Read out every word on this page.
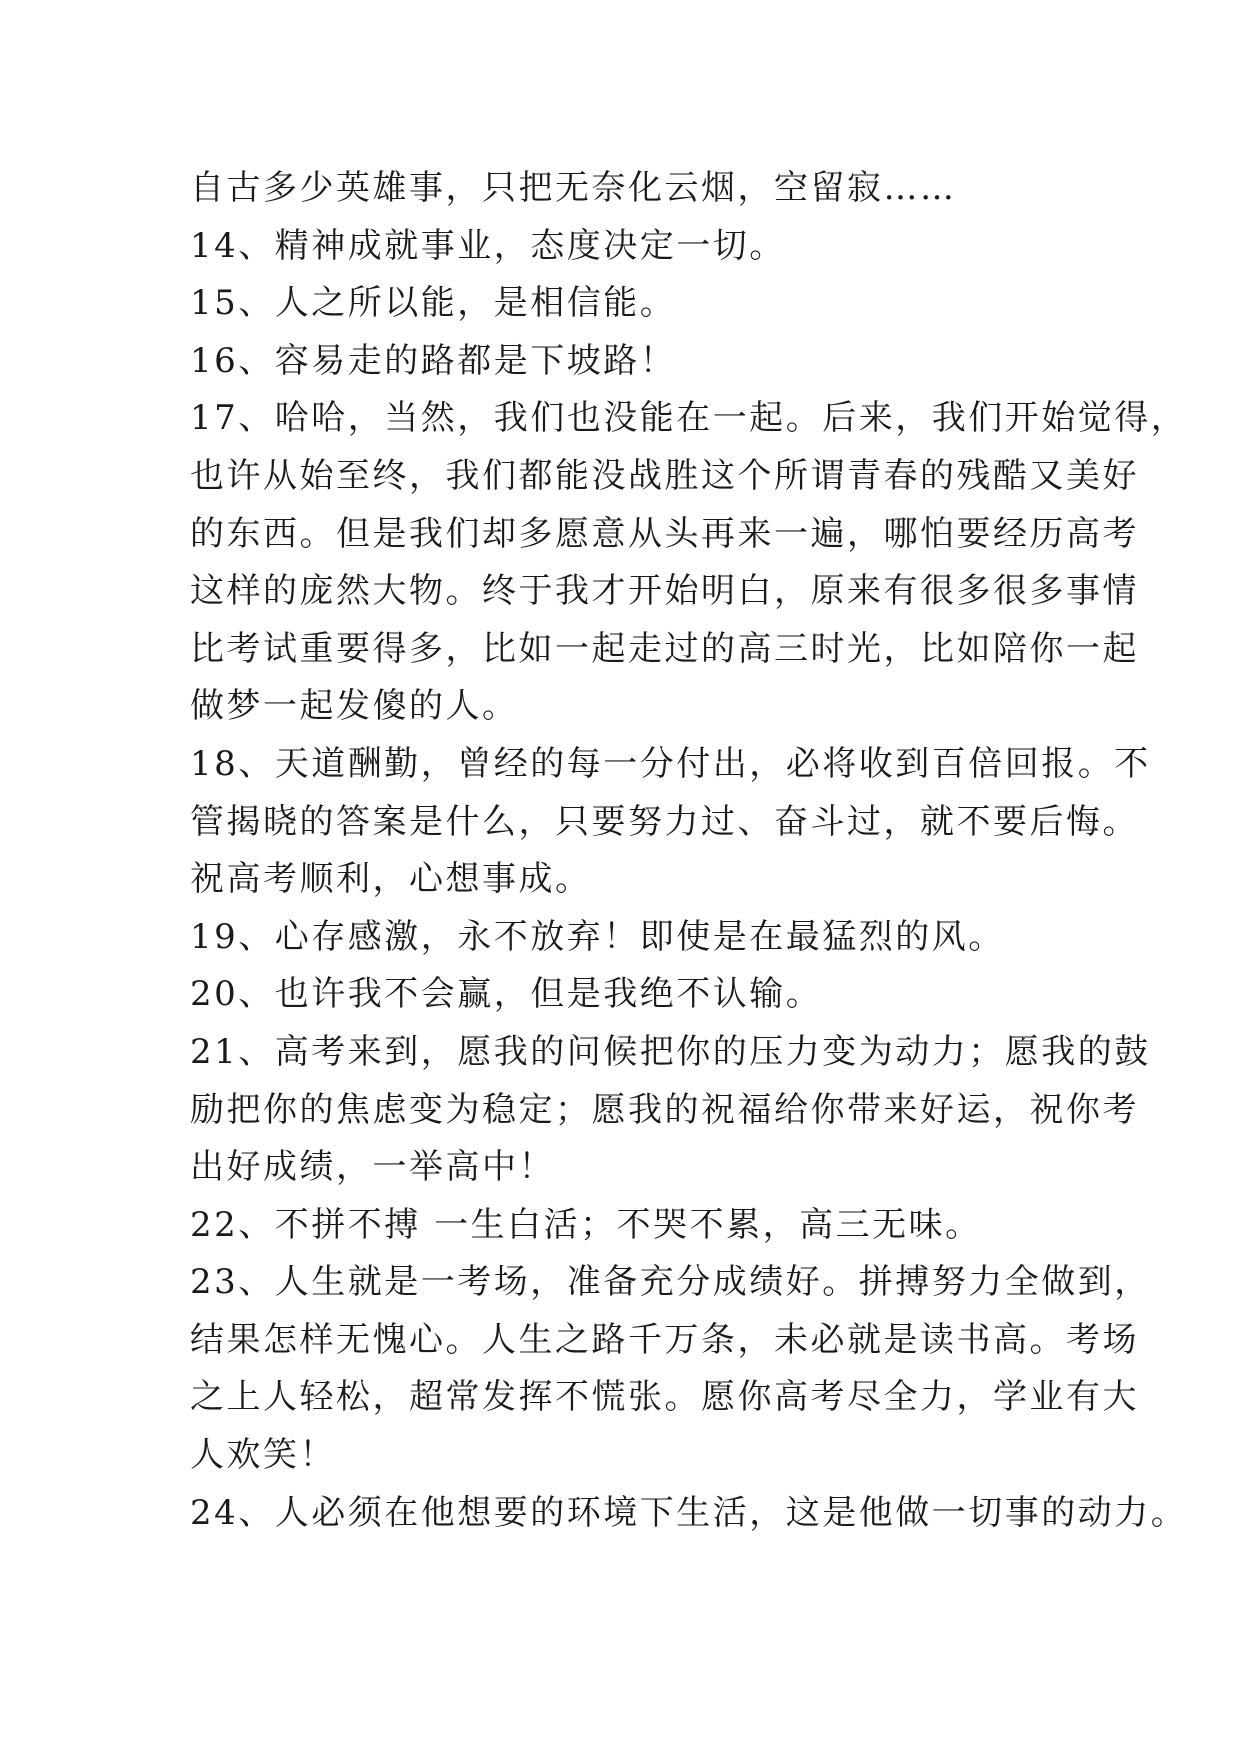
自古多少英雄事，只把无奈化云烟，空留寂……
14、精神成就事业，态度决定一切。
15、人之所以能，是相信能。
16、容易走的路都是下坡路！
17、哈哈，当然，我们也没能在一起。后来，我们开始觉得，
也许从始至终，我们都能没战胜这个所谓青春的残酷又美好
的东西。但是我们却多愿意从头再来一遍，哪怕要经历高考
这样的庞然大物。终于我才开始明白，原来有很多很多事情
比考试重要得多，比如一起走过的高三时光，比如陪你一起
做梦一起发傻的人。
18、天道酬勤，曾经的每一分付出，必将收到百倍回报。不
管揭晓的答案是什么，只要努力过、奋斗过，就不要后悔。
祝高考顺利，心想事成。
19、心存感激，永不放弃！即使是在最猛烈的风。
20、也许我不会赢，但是我绝不认输。
21、高考来到，愿我的问候把你的压力变为动力；愿我的鼓
励把你的焦虑变为稳定；愿我的祝福给你带来好运，祝你考
出好成绩，一举高中！
22、不拼不搏 一生白活；不哭不累，高三无味。
23、人生就是一考场，准备充分成绩好。拼搏努力全做到，
结果怎样无愧心。人生之路千万条，未必就是读书高。考场
之上人轻松，超常发挥不慌张。愿你高考尽全力，学业有大
人欢笑！
24、人必须在他想要的环境下生活，这是他做一切事的动力。
